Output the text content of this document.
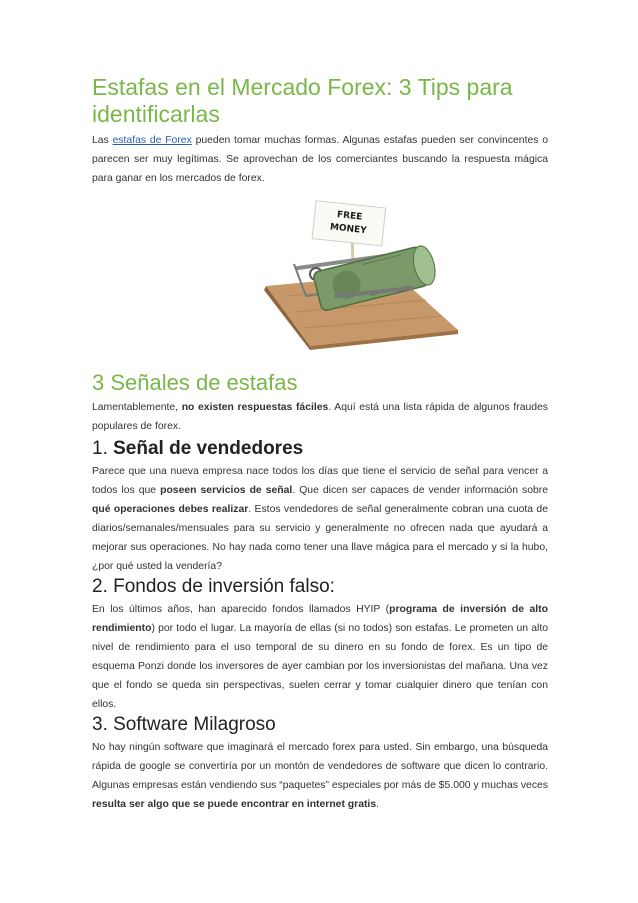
Estafas en el Mercado Forex: 3 Tips para identificarlas

Las estafas de Forex pueden tomar muchas formas. Algunas estafas pueden ser convincentes o parecen ser muy legítimas. Se aprovechan de los comerciantes buscando la respuesta mágica para ganar en los mercados de forex.

FREEMONEY
3 Señales de estafas

Lamentablemente, no existen respuestas fáciles. Aquí está una lista rápida de algunos fraudes populares de forex.

1. Señal de vendedores

Parece que una nueva empresa nace todos los días que tiene el servicio de señal para vencer a todos los que poseen servicios de señal. Que dicen ser capaces de vender información sobre qué operaciones debes realizar. Estos vendedores de señal generalmente cobran una cuota de diarios/semanales/mensuales para su servicio y generalmente no ofrecen nada que ayudará a mejorar sus operaciones. No hay nada como tener una llave mágica para el mercado y si la hubo, ¿por qué usted la vendería?

2. Fondos de inversión falso:

En los últimos años, han aparecido fondos llamados HYIP (programa de inversión de alto rendimiento) por todo el lugar. La mayoría de ellas (si no todos) son estafas. Le prometen un alto nivel de rendimiento para el uso temporal de su dinero en su fondo de forex. Es un tipo de esquema Ponzi donde los inversores de ayer cambian por los inversionistas del mañana. Una vez que el fondo se queda sin perspectivas, suelen cerrar y tomar cualquier dinero que tenían con ellos.

3. Software Milagroso

No hay ningún software que imaginará el mercado forex para usted. Sin embargo, una búsqueda rápida de google se convertiría por un montón de vendedores de software que dicen lo contrario. Algunas empresas están vendiendo sus “paquetes” especiales por más de $5.000 y muchas veces resulta ser algo que se puede encontrar en internet gratis.
